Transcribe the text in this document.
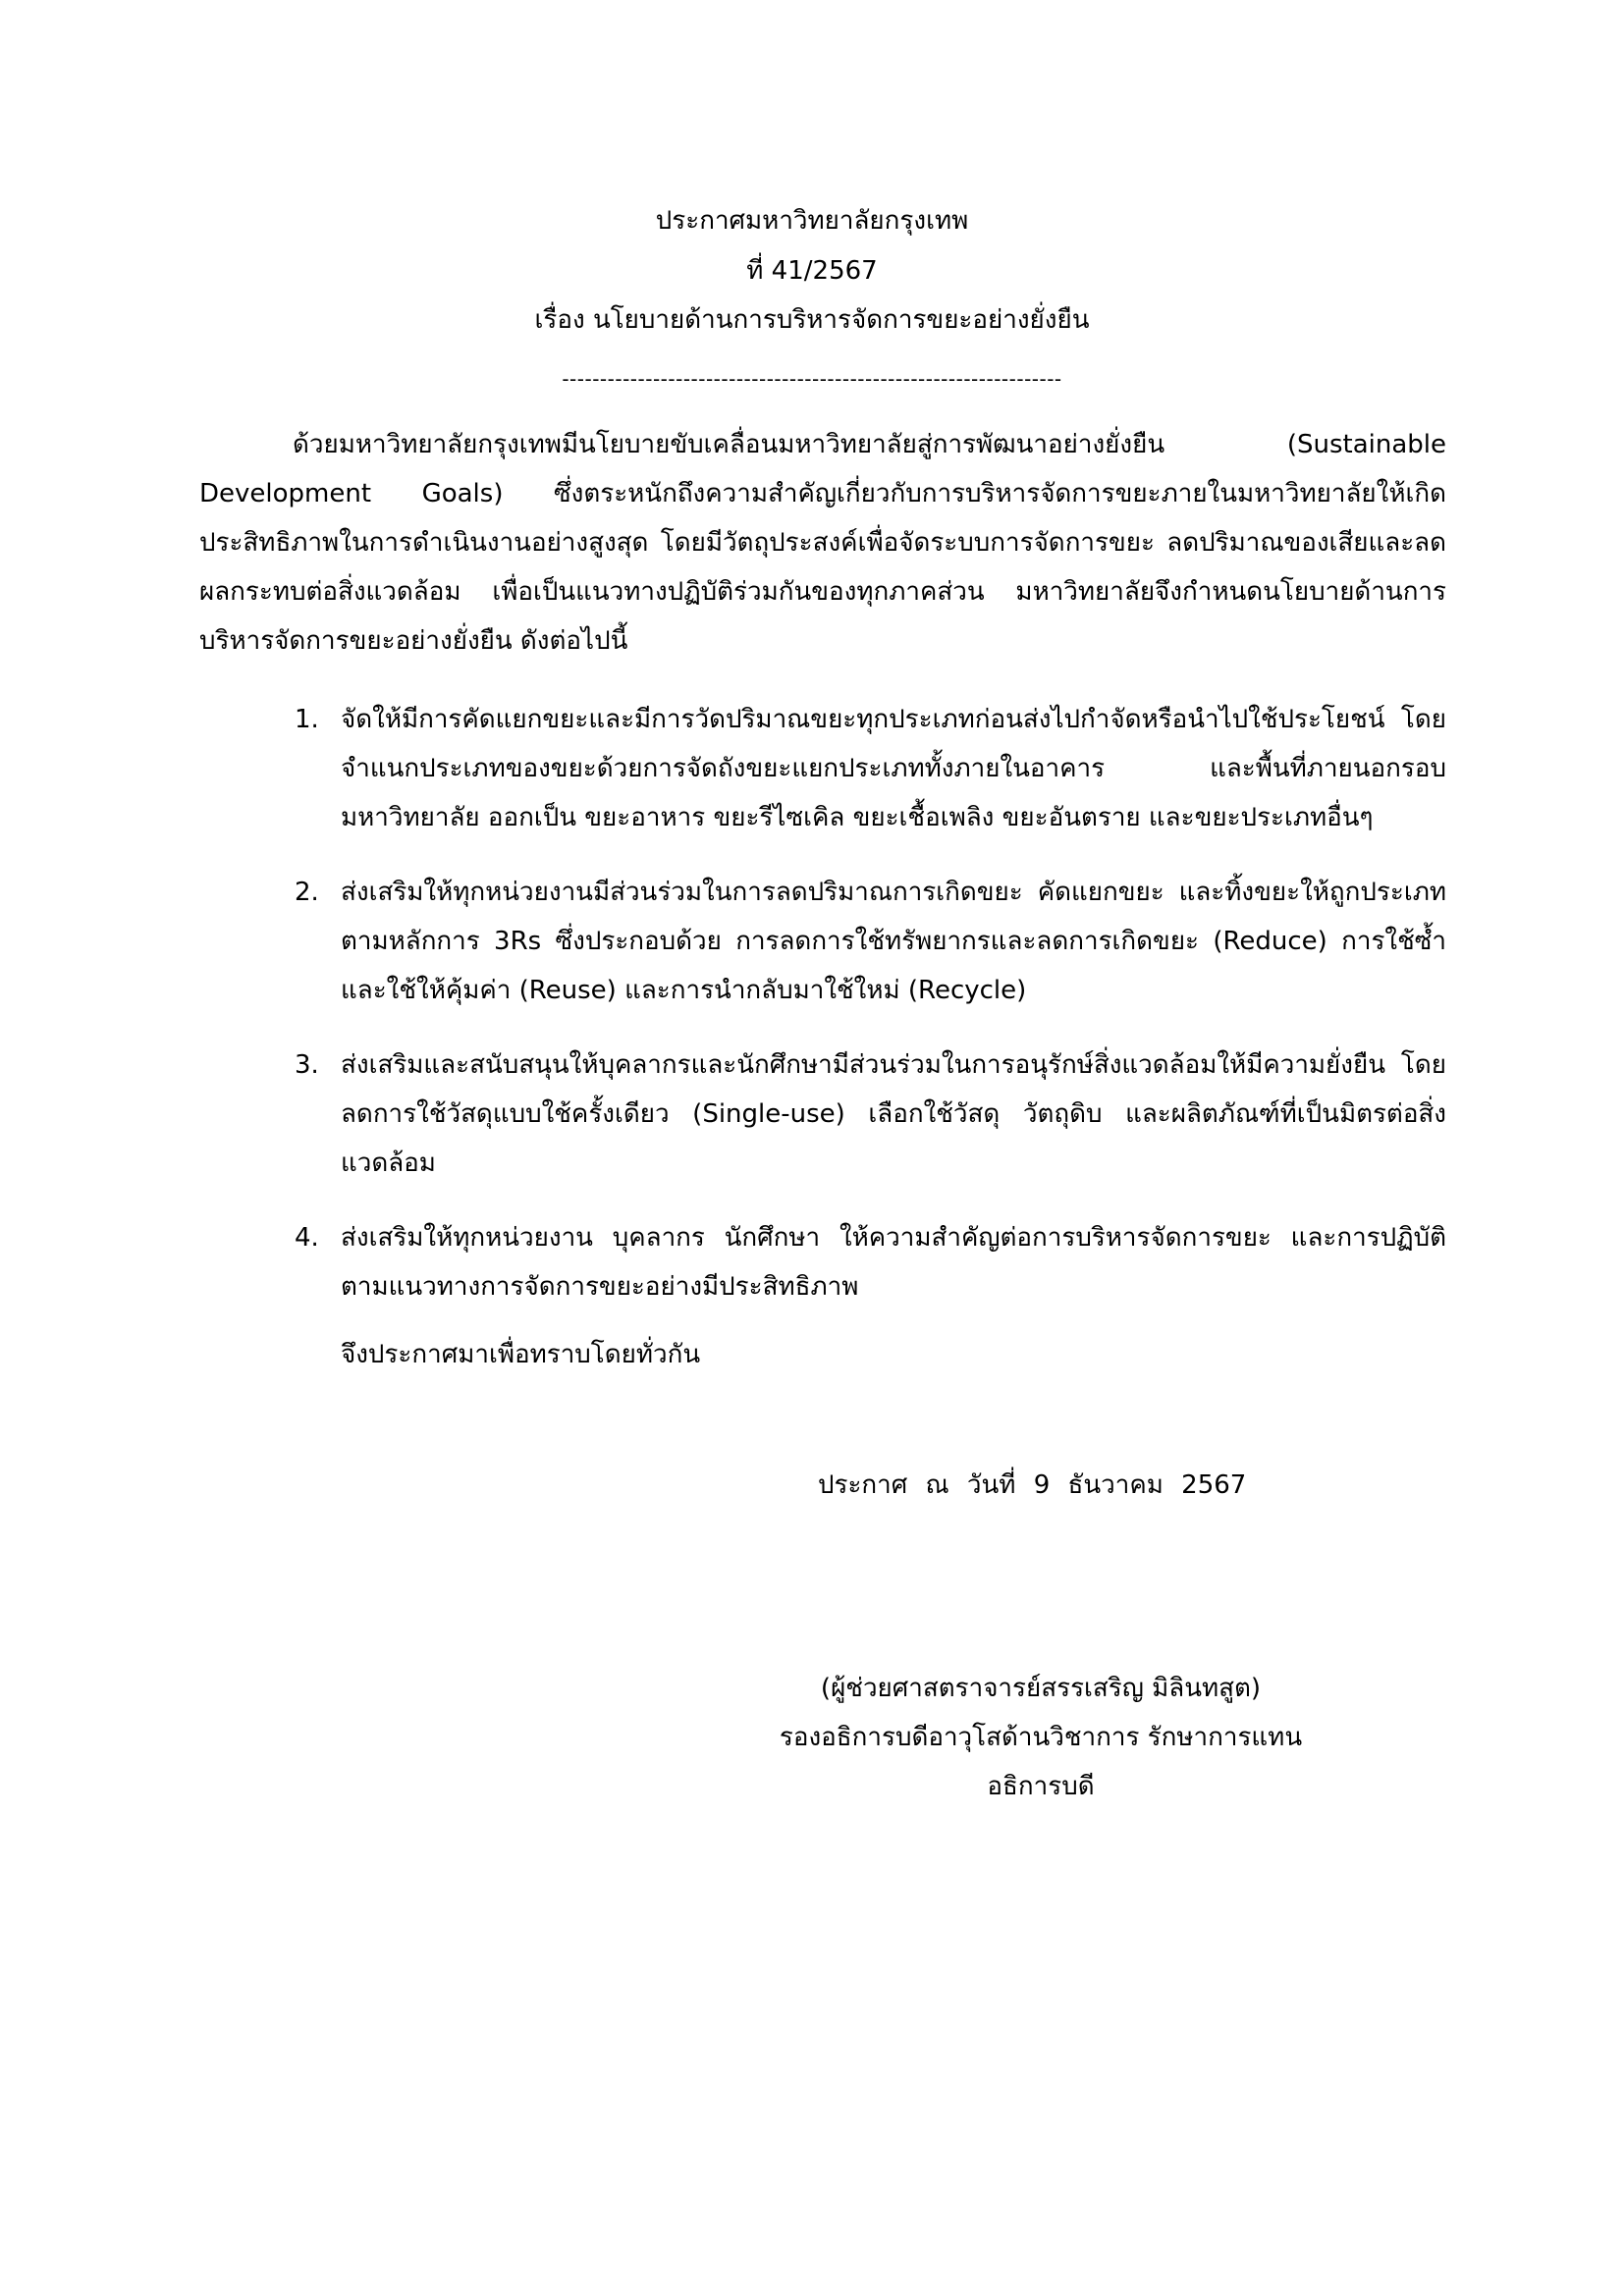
ประกาศมหาวิทยาลัยกรุงเทพ
ที่ 41/2567
เรื่อง นโยบายด้านการบริหารจัดการขยะอย่างยั่งยืน
------------------------------------------------------------------

ด้วยมหาวิทยาลัยกรุงเทพมีนโยบายขับเคลื่อนมหาวิทยาลัยสู่การพัฒนาอย่างยั่งยืน (Sustainable Development Goals) ซึ่งตระหนักถึงความสำคัญเกี่ยวกับการบริหารจัดการขยะภายในมหาวิทยาลัยให้เกิดประสิทธิภาพในการดำเนินงานอย่างสูงสุด โดยมีวัตถุประสงค์เพื่อจัดระบบการจัดการขยะ ลดปริมาณของเสียและลดผลกระทบต่อสิ่งแวดล้อม เพื่อเป็นแนวทางปฏิบัติร่วมกันของทุกภาคส่วน มหาวิทยาลัยจึงกำหนดนโยบายด้านการบริหารจัดการขยะอย่างยั่งยืน ดังต่อไปนี้

1. จัดให้มีการคัดแยกขยะและมีการวัดปริมาณขยะทุกประเภทก่อนส่งไปกำจัดหรือนำไปใช้ประโยชน์ โดยจำแนกประเภทของขยะด้วยการจัดถังขยะแยกประเภททั้งภายในอาคาร และพื้นที่ภายนอกรอบมหาวิทยาลัย ออกเป็น ขยะอาหาร ขยะรีไซเคิล ขยะเชื้อเพลิง ขยะอันตราย และขยะประเภทอื่นๆ
2. ส่งเสริมให้ทุกหน่วยงานมีส่วนร่วมในการลดปริมาณการเกิดขยะ คัดแยกขยะ และทิ้งขยะให้ถูกประเภทตามหลักการ 3Rs ซึ่งประกอบด้วย การลดการใช้ทรัพยากรและลดการเกิดขยะ (Reduce) การใช้ซ้ำและใช้ให้คุ้มค่า (Reuse) และการนำกลับมาใช้ใหม่ (Recycle)
3. ส่งเสริมและสนับสนุนให้บุคลากรและนักศึกษามีส่วนร่วมในการอนุรักษ์สิ่งแวดล้อมให้มีความยั่งยืน โดยลดการใช้วัสดุแบบใช้ครั้งเดียว (Single-use) เลือกใช้วัสดุ วัตถุดิบ และผลิตภัณฑ์ที่เป็นมิตรต่อสิ่งแวดล้อม
4. ส่งเสริมให้ทุกหน่วยงาน บุคลากร นักศึกษา ให้ความสำคัญต่อการบริหารจัดการขยะ และการปฏิบัติตามแนวทางการจัดการขยะอย่างมีประสิทธิภาพ
จึงประกาศมาเพื่อทราบโดยทั่วกัน
ประกาศ ณ วันที่ 9 ธันวาคม 2567
(ผู้ช่วยศาสตราจารย์สรรเสริญ มิลินทสูต)
รองอธิการบดีอาวุโสด้านวิชาการ รักษาการแทน
อธิการบดี
